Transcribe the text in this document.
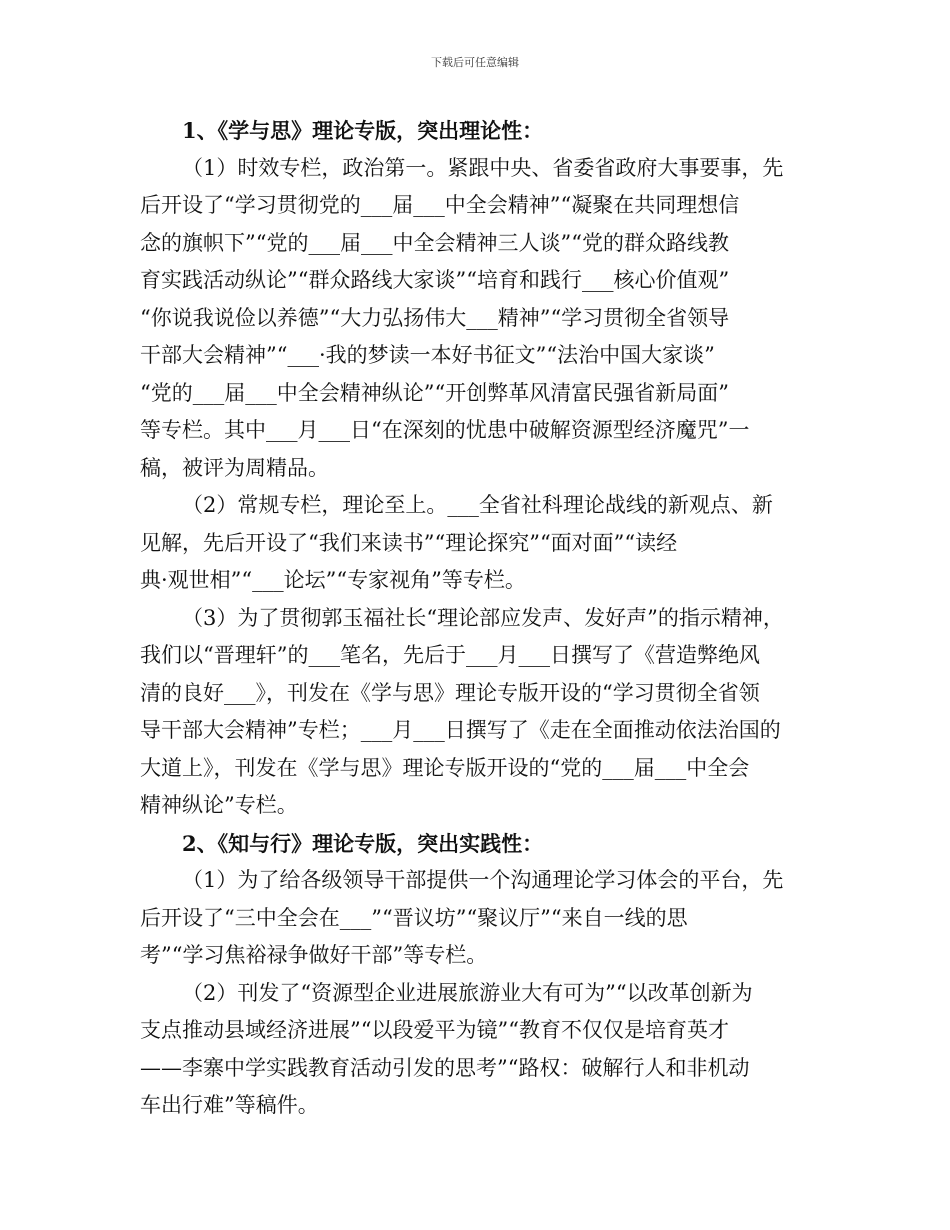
下载后可任意编辑
1、《学与思》理论专版，突出理论性：
（1）时效专栏，政治第一。紧跟中央、省委省政府大事要事，先
后开设了“学习贯彻党的___届___中全会精神”“凝聚在共同理想信
念的旗帜下”“党的___届___中全会精神三人谈”“党的群众路线教
育实践活动纵论”“群众路线大家谈”“培育和践行___核心价值观”
“你说我说俭以养德”“大力弘扬伟大___精神”“学习贯彻全省领导
干部大会精神”“___·我的梦读一本好书征文”“法治中国大家谈”
“党的___届___中全会精神纵论”“开创弊革风清富民强省新局面”
等专栏。其中___月___日“在深刻的忧患中破解资源型经济魔咒”一
稿，被评为周精品。
（2）常规专栏，理论至上。___全省社科理论战线的新观点、新
见解，先后开设了“我们来读书”“理论探究”“面对面”“读经
典·观世相”“___论坛”“专家视角”等专栏。
（3）为了贯彻郭玉福社长“理论部应发声、发好声”的指示精神，
我们以“晋理轩”的___笔名，先后于___月___日撰写了《营造弊绝风
清的良好___》，刊发在《学与思》理论专版开设的“学习贯彻全省领
导干部大会精神”专栏；___月___日撰写了《走在全面推动依法治国的
大道上》，刊发在《学与思》理论专版开设的“党的___届___中全会
精神纵论”专栏。
2、《知与行》理论专版，突出实践性：
（1）为了给各级领导干部提供一个沟通理论学习体会的平台，先
后开设了“三中全会在___”“晋议坊”“聚议厅”“来自一线的思
考”“学习焦裕禄争做好干部”等专栏。
（2）刊发了“资源型企业进展旅游业大有可为”“以改革创新为
支点推动县域经济进展”“以段爱平为镜”“教育不仅仅是培育英才
——李寨中学实践教育活动引发的思考”“路权：破解行人和非机动
车出行难”等稿件。
